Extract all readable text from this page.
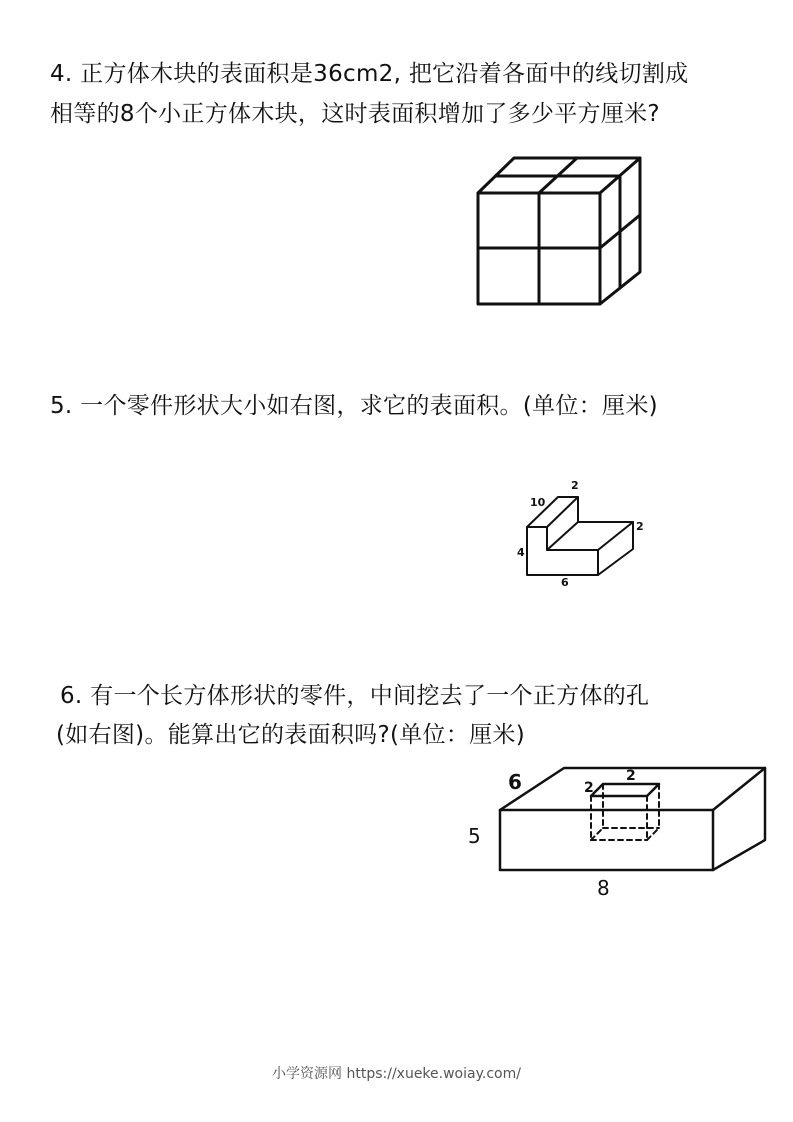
4. 正方体木块的表面积是36cm2, 把它沿着各面中的线切割成
相等的8个小正方体木块，这时表面积增加了多少平方厘米?
5. 一个零件形状大小如右图，求它的表面积。(单位：厘米)
2
10
2
4
6
6. 有一个长方体形状的零件，中间挖去了一个正方体的孔
(如右图)。能算出它的表面积吗?(单位：厘米)
6
5
8
2
2
小学资源网 https://xueke.woiay.com/
